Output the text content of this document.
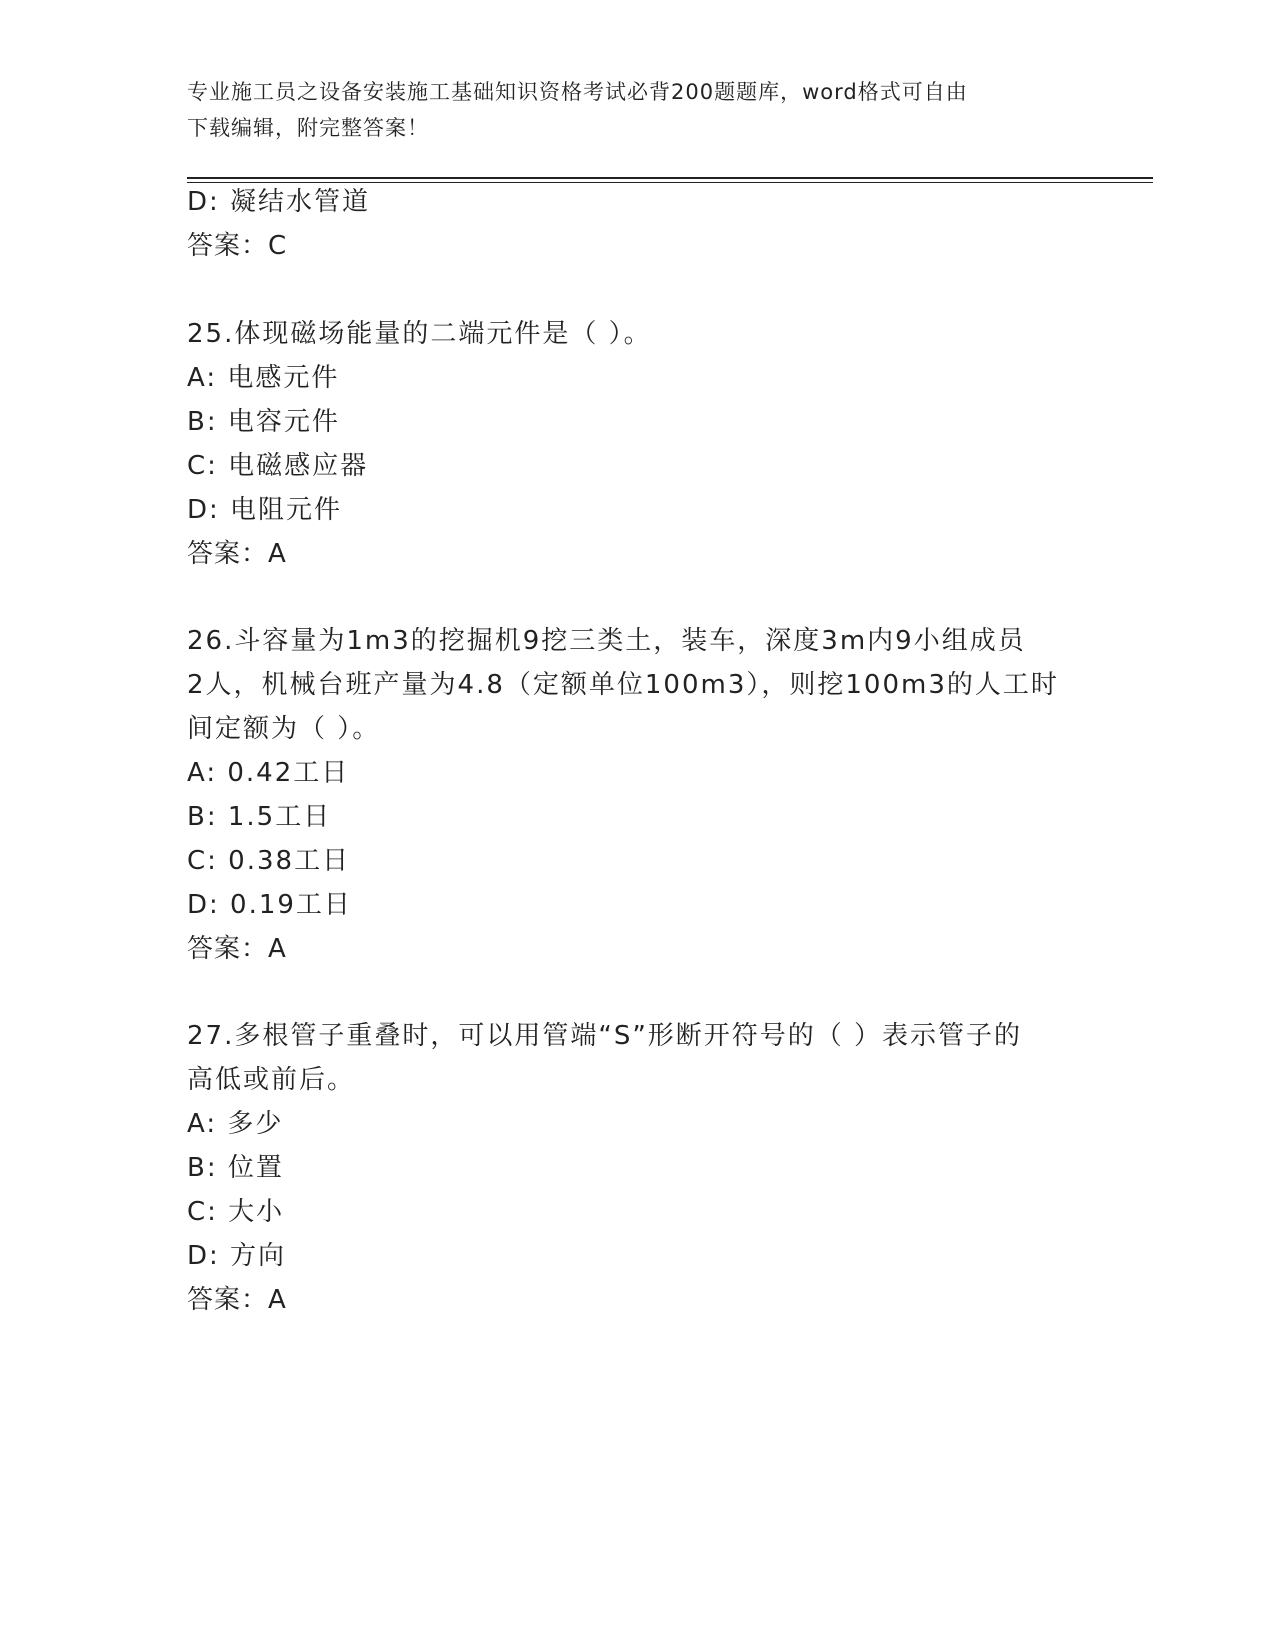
专业施工员之设备安装施工基础知识资格考试必背200题题库，word格式可自由
下载编辑，附完整答案！
D: 凝结水管道
答案：C
25.体现磁场能量的二端元件是（ ）。
A: 电感元件
B: 电容元件
C: 电磁感应器
D: 电阻元件
答案：A
26.斗容量为1m3的挖掘机9挖三类土，装车，深度3m内9小组成员
2人，机械台班产量为4.8（定额单位100m3），则挖100m3的人工时
间定额为（ ）。
A: 0.42工日
B: 1.5工日
C: 0.38工日
D: 0.19工日
答案：A
27.多根管子重叠时，可以用管端“S”形断开符号的（ ）表示管子的
高低或前后。
A: 多少
B: 位置
C: 大小
D: 方向
答案：A
